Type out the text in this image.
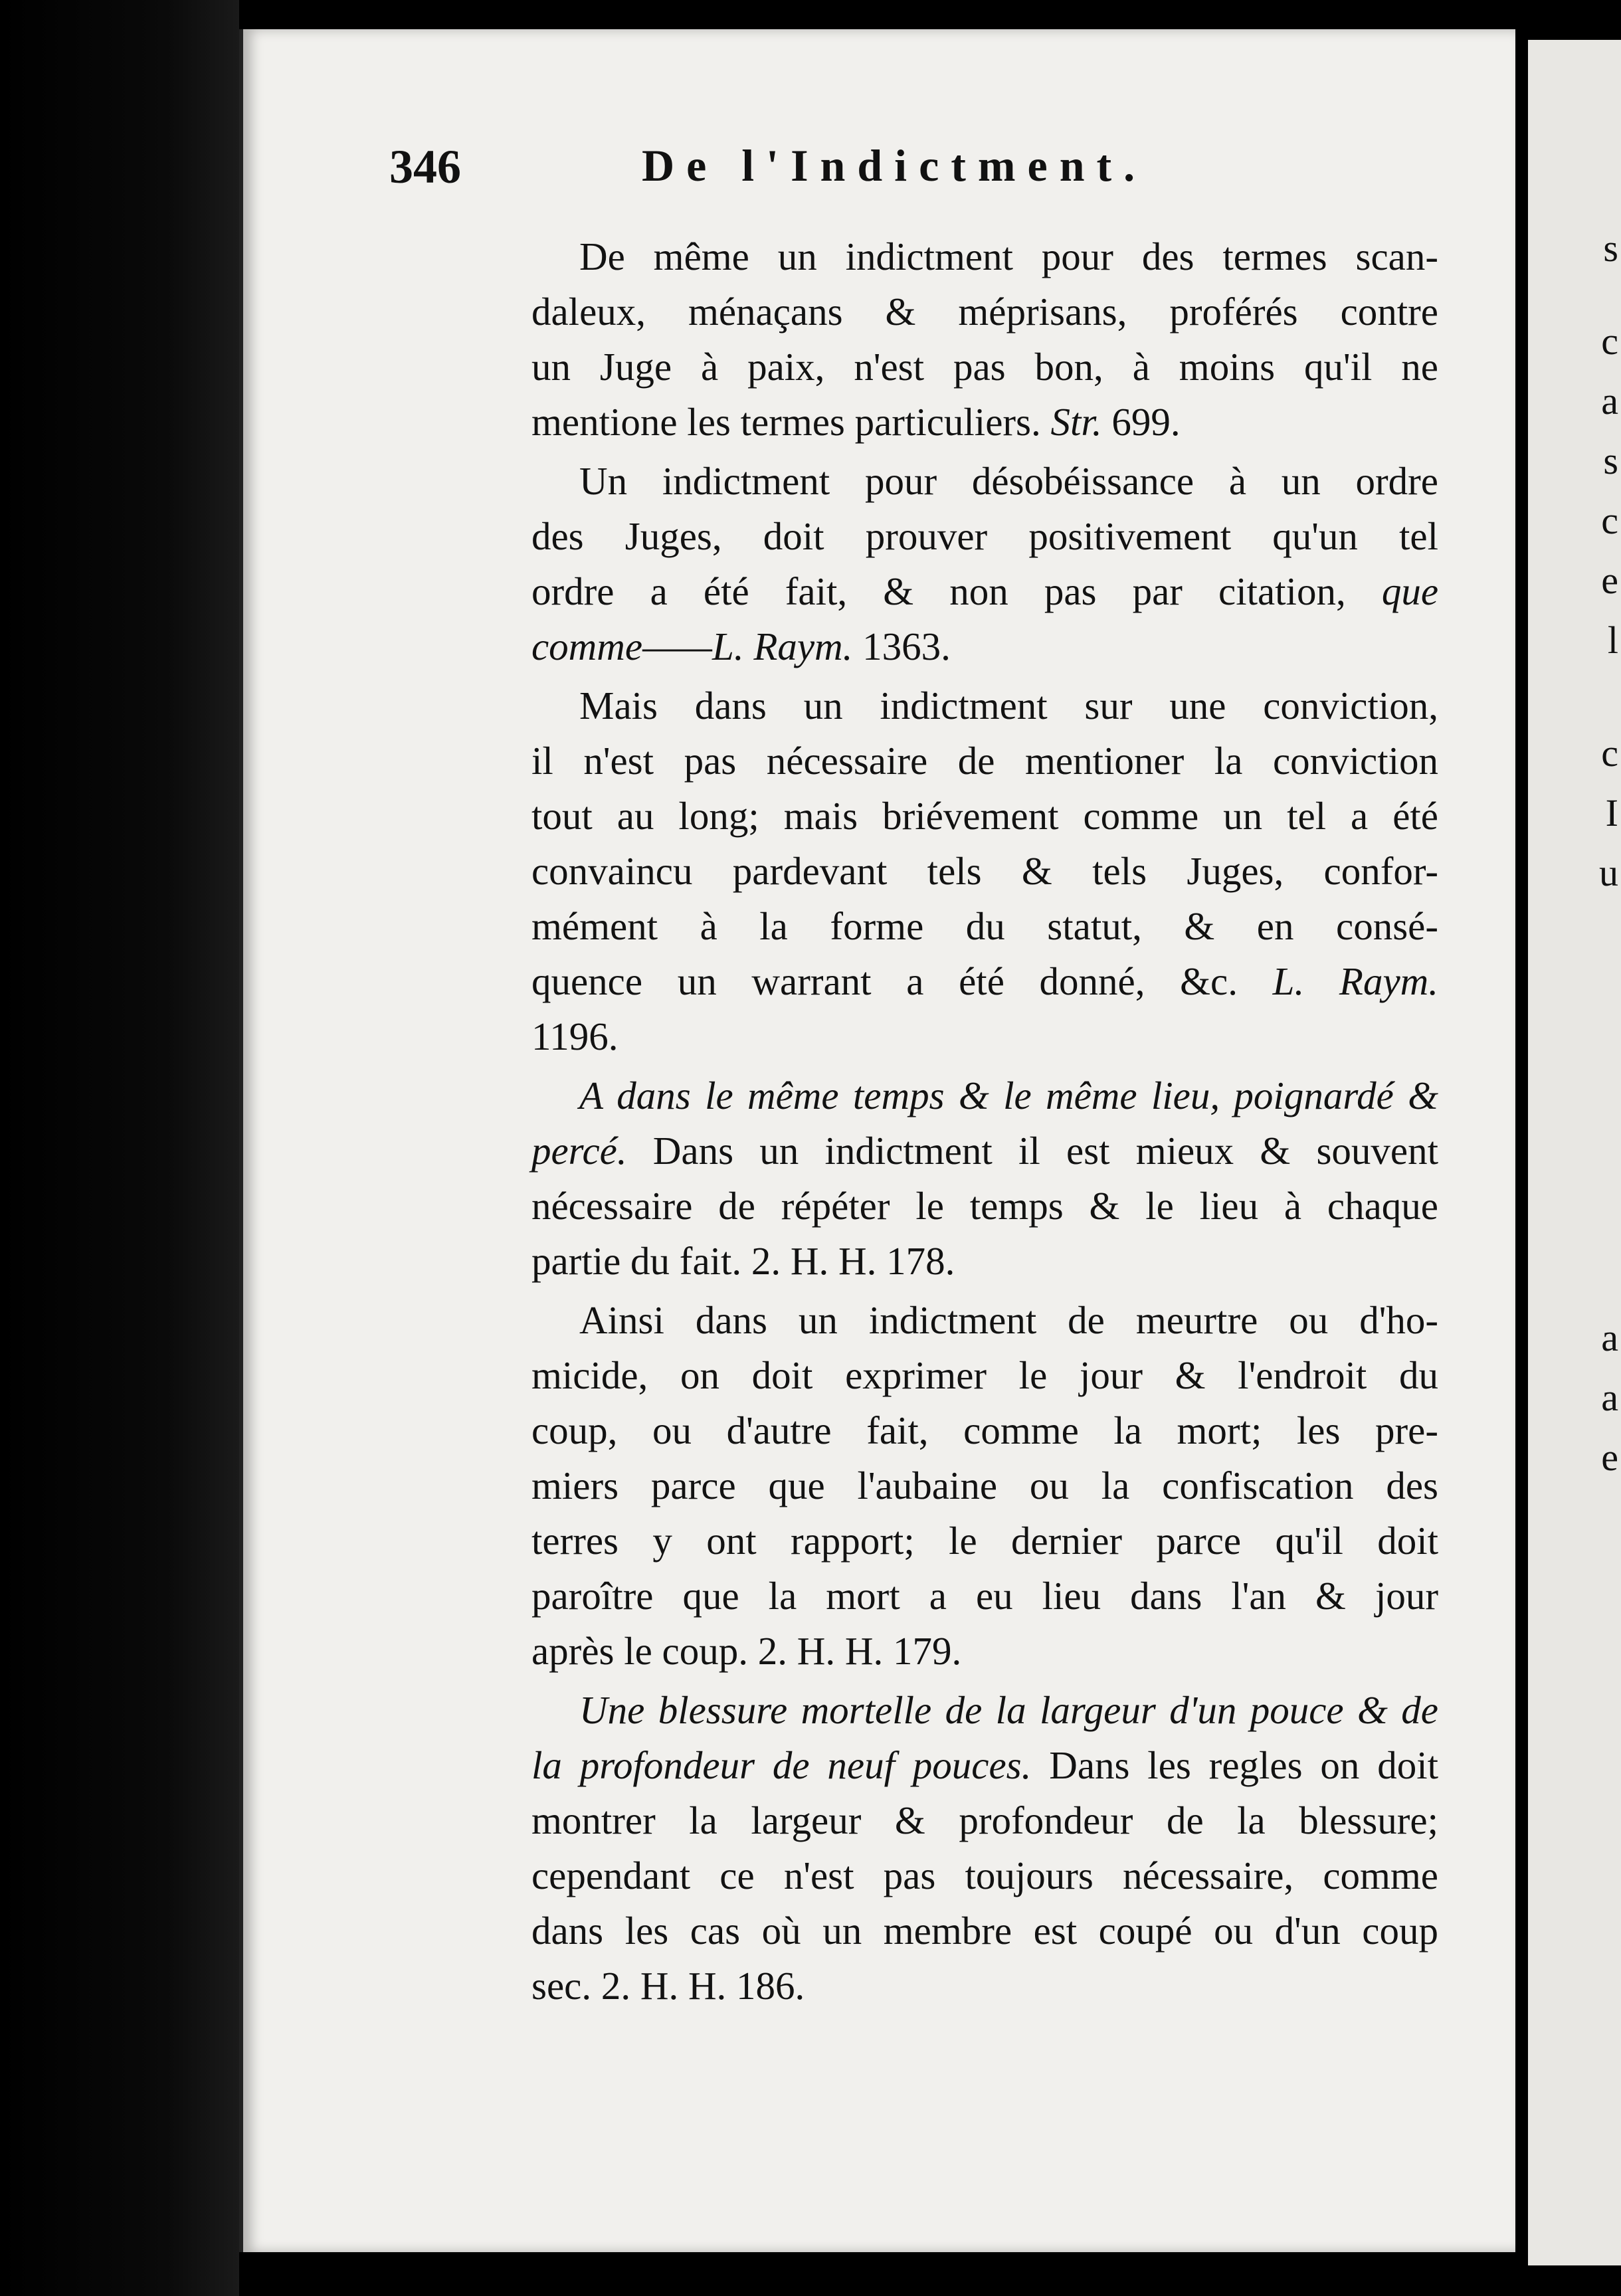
s
c
a
s
c
e
l
c
I
u
a
a
e
346	De l'Indictment.
De même un indictment pour des termes scan-
daleux, ménaçans & méprisans, proférés contre
un Juge à paix, n'est pas bon, à moins qu'il ne
mentione les termes particuliers. Str. 699.
Un indictment pour désobéissance à un ordre
des Juges, doit prouver positivement qu'un tel
ordre a été fait, & non pas par citation, que
comme——L. Raym. 1363.
Mais dans un indictment sur une conviction,
il n'est pas nécessaire de mentioner la conviction
tout au long; mais briévement comme un tel a été
convaincu pardevant tels & tels Juges, confor-
mément à la forme du statut, & en consé-
quence un warrant a été donné, &c. L. Raym.
1196.
A dans le même temps & le même lieu, poignardé &
percé. Dans un indictment il est mieux & souvent
nécessaire de répéter le temps & le lieu à chaque
partie du fait. 2. H. H. 178.
Ainsi dans un indictment de meurtre ou d'ho-
micide, on doit exprimer le jour & l'endroit du
coup, ou d'autre fait, comme la mort; les pre-
miers parce que l'aubaine ou la confiscation des
terres y ont rapport; le dernier parce qu'il doit
paroître que la mort a eu lieu dans l'an & jour
après le coup. 2. H. H. 179.
Une blessure mortelle de la largeur d'un pouce & de
la profondeur de neuf pouces. Dans les regles on doit
montrer la largeur & profondeur de la blessure;
cependant ce n'est pas toujours nécessaire, comme
dans les cas où un membre est coupé ou d'un coup
sec. 2. H. H. 186.
